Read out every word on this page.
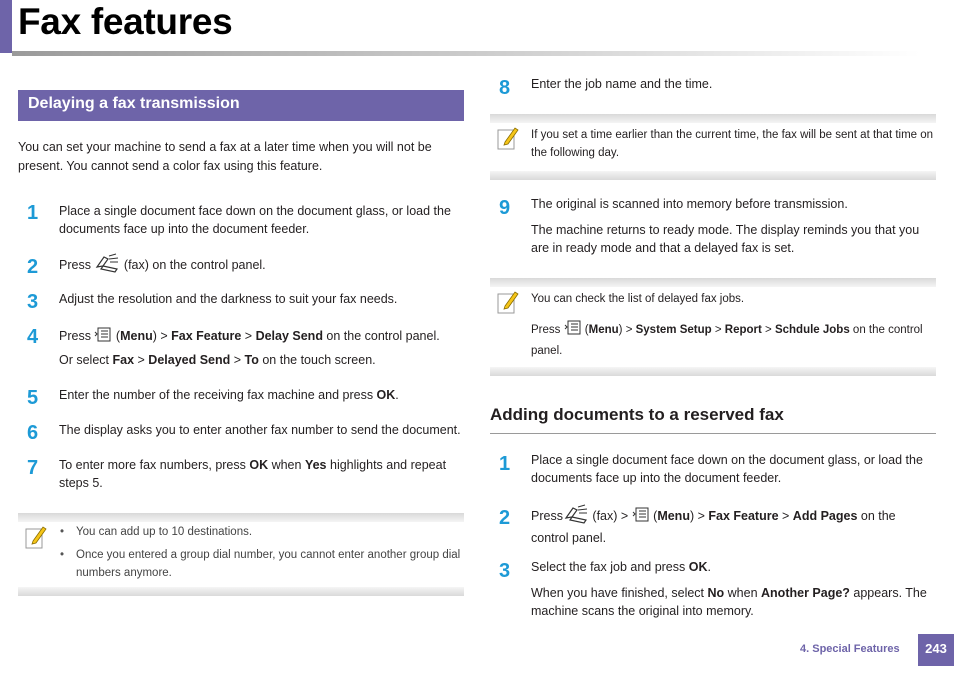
Fax features
Delaying a fax transmission
You can set your machine to send a fax at a later time when you will not be present. You cannot send a color fax using this feature.
1	Place a single document face down on the document glass, or load the documents face up into the document feeder.
2	Press  (fax) on the control panel.
3	Adjust the resolution and the darkness to suit your fax needs.
4	Press  (Menu) > Fax Feature > Delay Send on the control panel.
Or select Fax > Delayed Send > To on the touch screen.
5	Enter the number of the receiving fax machine and press OK.
6	The display asks you to enter another fax number to send the document.
7	To enter more fax numbers, press OK when Yes highlights and repeat steps 5.
• You can add up to 10 destinations.
• Once you entered a group dial number, you cannot enter another group dial numbers anymore.
8	Enter the job name and the time.
If you set a time earlier than the current time, the fax will be sent at that time on the following day.
9	The original is scanned into memory before transmission.
The machine returns to ready mode. The display reminds you that you are in ready mode and that a delayed fax is set.
You can check the list of delayed fax jobs.
Press  (Menu) > System Setup > Report > Schdule Jobs on the control panel.
Adding documents to a reserved fax
1	Place a single document face down on the document glass, or load the documents face up into the document feeder.
2	Press (fax) >  (Menu) > Fax Feature > Add Pages on the control panel.
3	Select the fax job and press OK.
When you have finished, select No when Another Page? appears. The machine scans the original into memory.
4. Special Features	243
